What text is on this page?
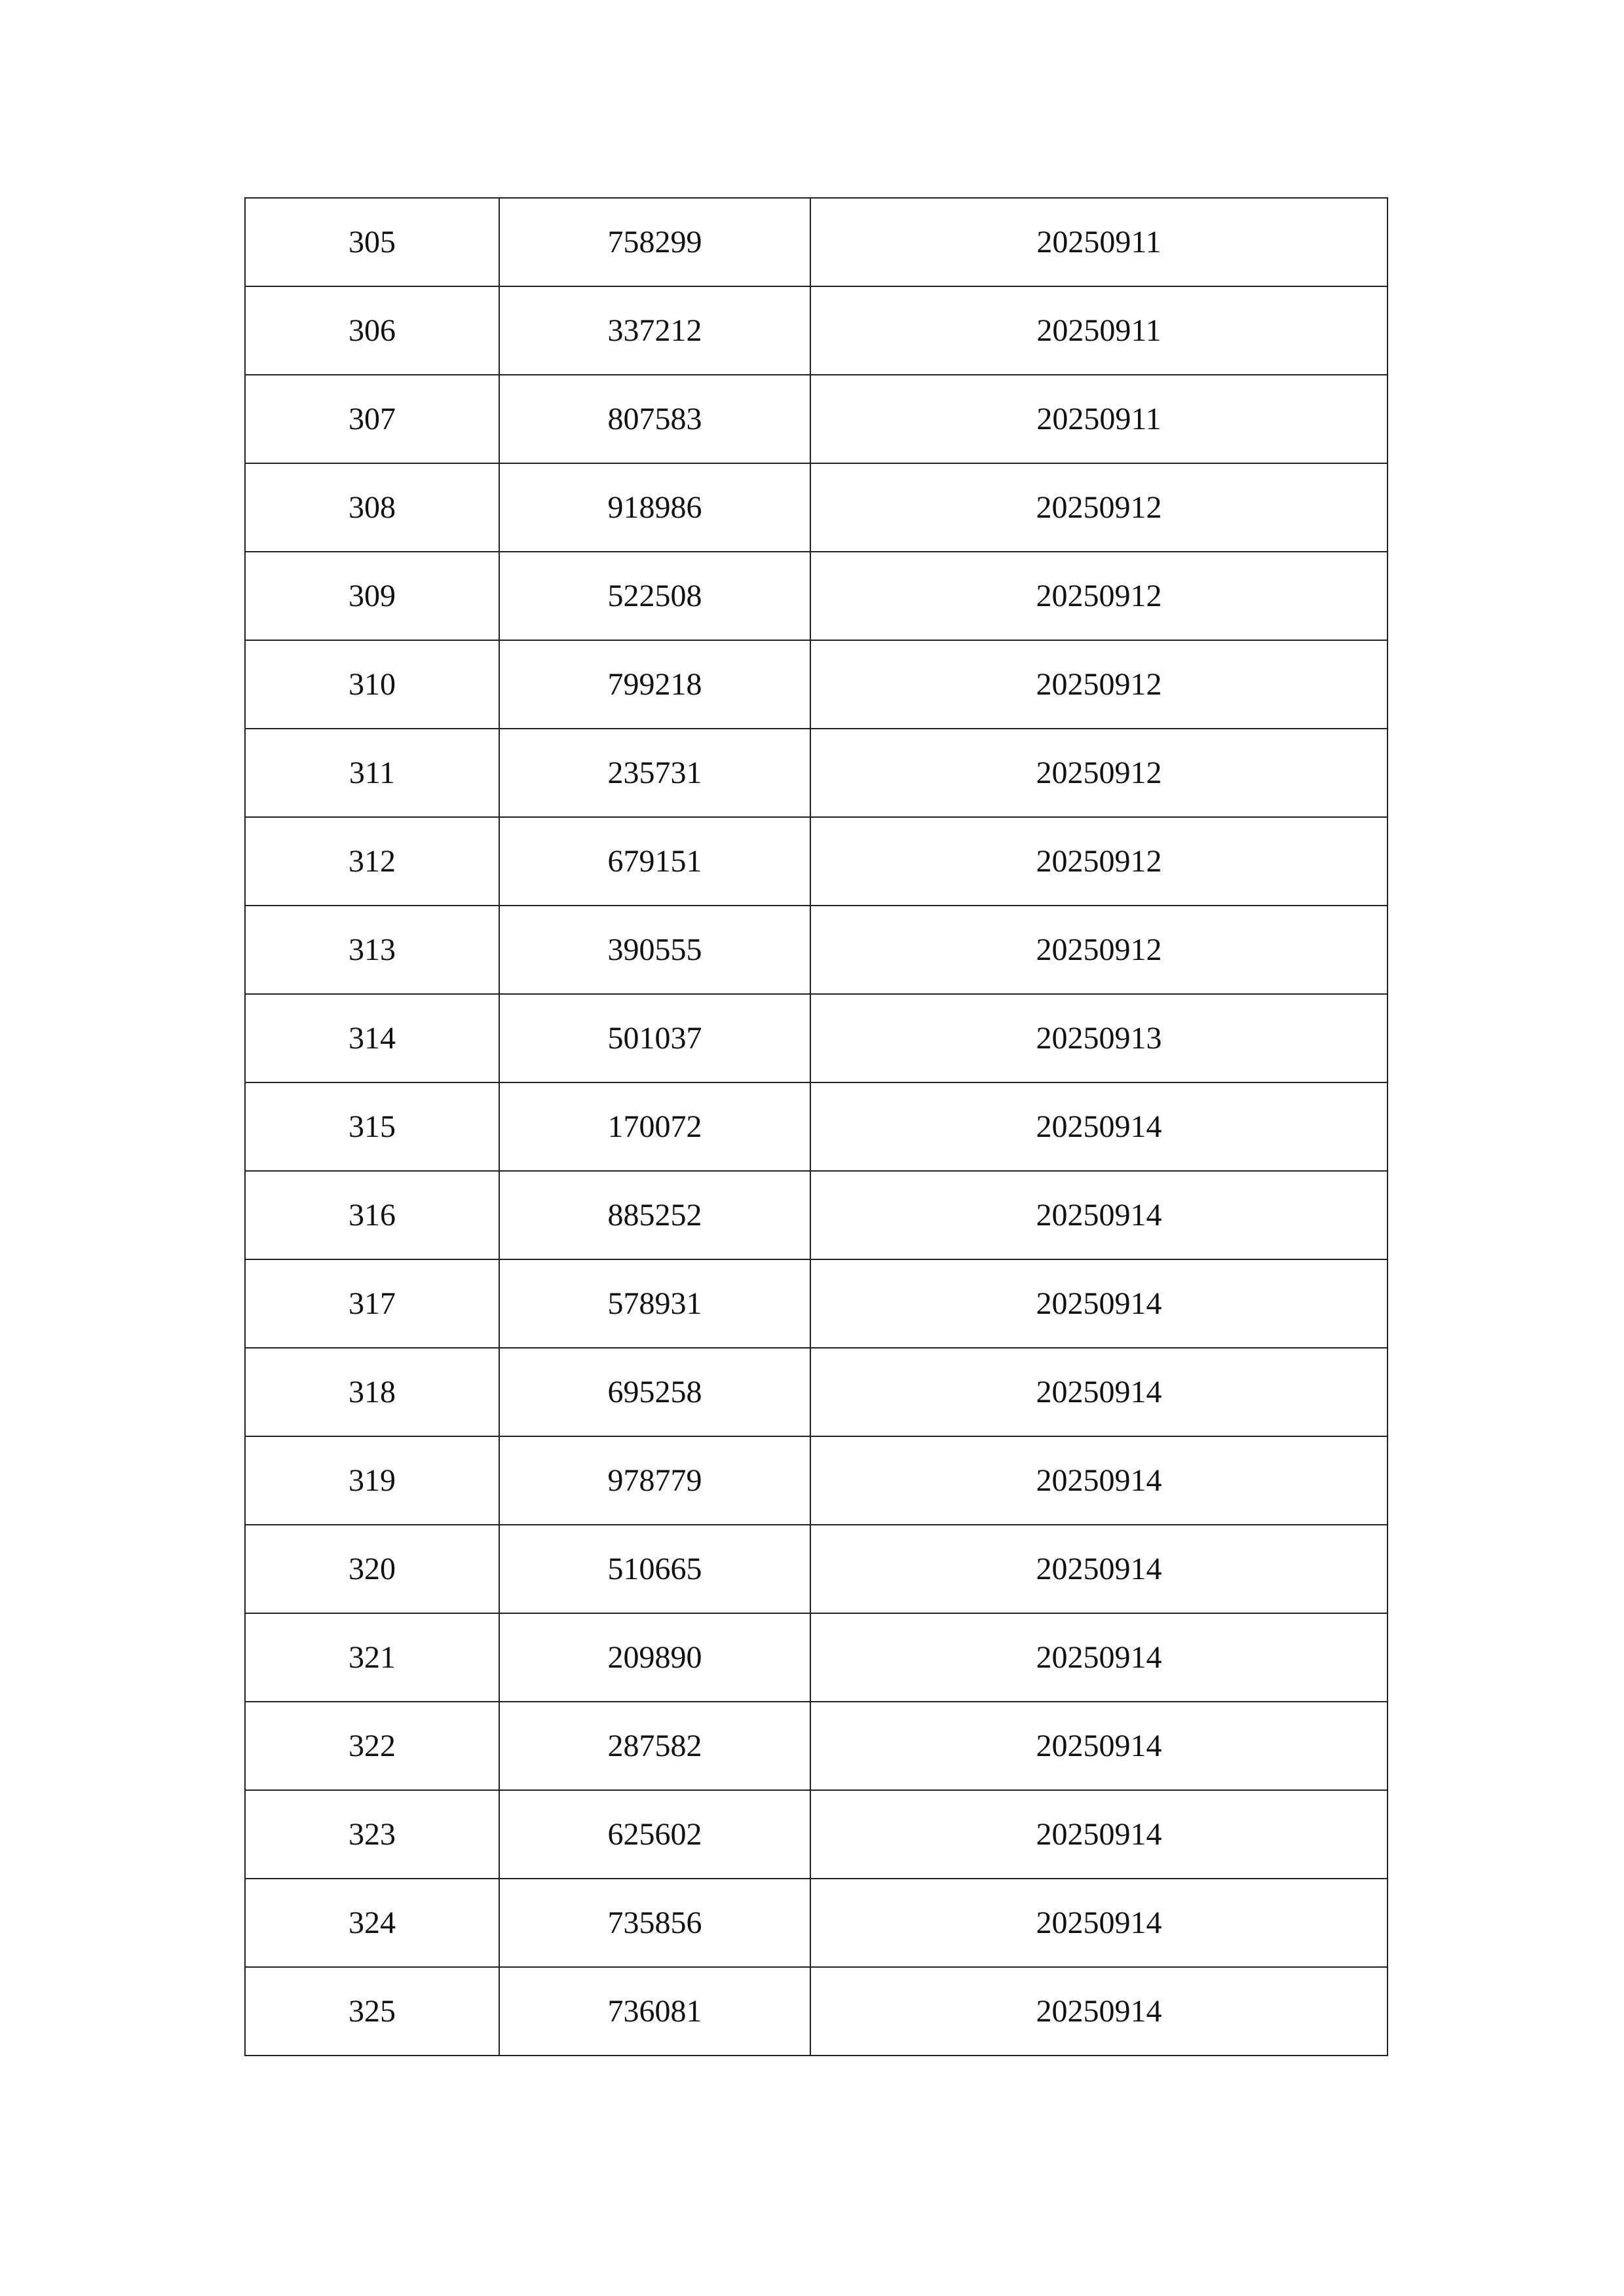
305	758299	20250911
306	337212	20250911
307	807583	20250911
308	918986	20250912
309	522508	20250912
310	799218	20250912
311	235731	20250912
312	679151	20250912
313	390555	20250912
314	501037	20250913
315	170072	20250914
316	885252	20250914
317	578931	20250914
318	695258	20250914
319	978779	20250914
320	510665	20250914
321	209890	20250914
322	287582	20250914
323	625602	20250914
324	735856	20250914
325	736081	20250914
